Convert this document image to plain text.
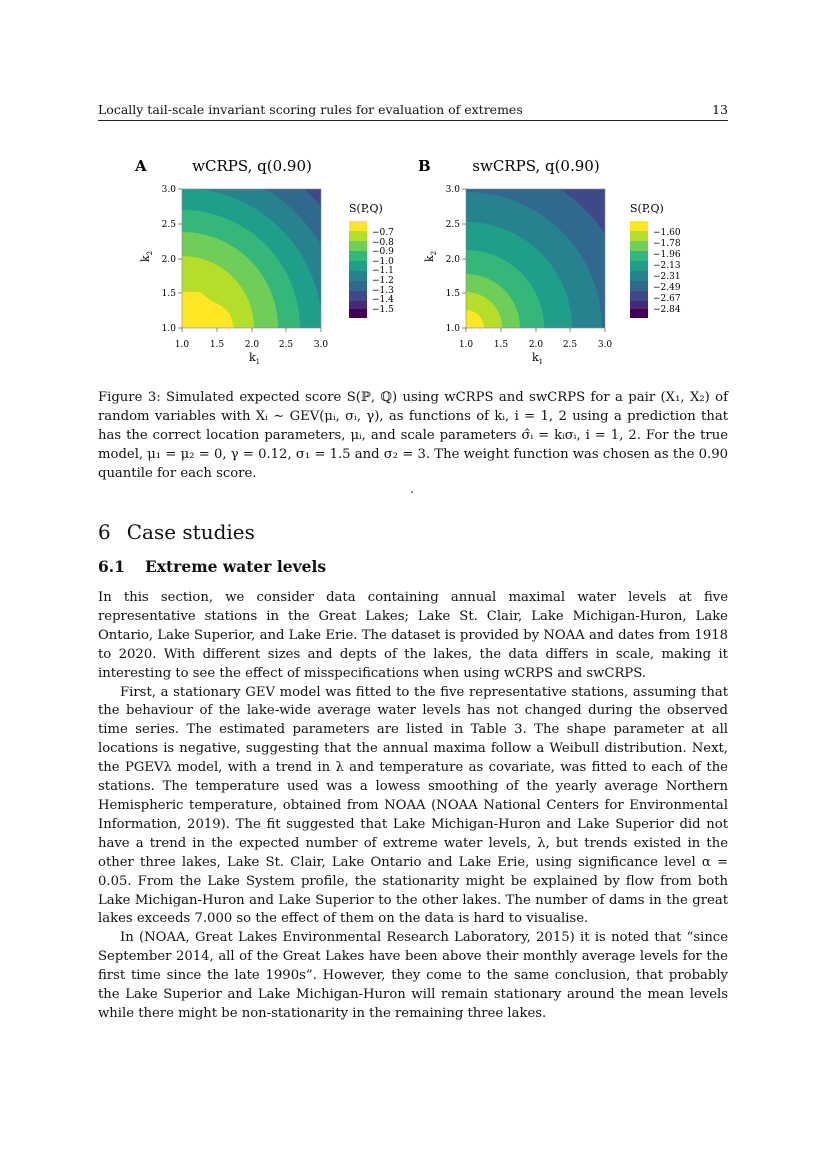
Locally tail-scale invariant scoring rules for evaluation of extremes	13
A	wCRPS, q(0.90)
1.0
1.5
2.0
2.5
3.0
1.0 1.5 2.0 2.5 3.0
$k_1$
$k_2$
S(P,Q)
−0.7
−0.8
−0.9
−1.0
−1.1
−1.2
−1.3
−1.4
−1.5
B	swCRPS, q(0.90)
1.0
1.5
2.0
2.5
3.0
1.0 1.5 2.0 2.5 3.0
$k_1$
$k_2$
S(P,Q)
−1.60
−1.78
−1.96
−2.13
−2.31
−2.49
−2.67
−2.84
Figure 3: Simulated expected score S(ℙ, ℚ) using wCRPS and swCRPS for a pair (X₁, X₂) of random variables with Xᵢ ∼ GEV(μᵢ, σᵢ, γ), as functions of kᵢ, i = 1, 2 using a prediction that has the correct location parameters, μᵢ, and scale parameters σ̂ᵢ = kᵢσᵢ, i = 1, 2. For the true model, μ₁ = μ₂ = 0, γ = 0.12, σ₁ = 1.5 and σ₂ = 3. The weight function was chosen as the 0.90 quantile for each score.
.
6 Case studies
6.1 Extreme water levels

In this section, we consider data containing annual maximal water levels at five representative stations in the Great Lakes; Lake St. Clair, Lake Michigan-Huron, Lake Ontario, Lake Superior, and Lake Erie. The dataset is provided by NOAA and dates from 1918 to 2020. With different sizes and depts of the lakes, the data differs in scale, making it interesting to see the effect of misspecifications when using wCRPS and swCRPS.

First, a stationary GEV model was fitted to the five representative stations, assuming that the behaviour of the lake-wide average water levels has not changed during the observed time series. The estimated parameters are listed in Table 3. The shape parameter at all locations is negative, suggesting that the annual maxima follow a Weibull distribution. Next, the PGEVλ model, with a trend in λ and temperature as covariate, was fitted to each of the stations. The temperature used was a lowess smoothing of the yearly average Northern Hemispheric temperature, obtained from NOAA (NOAA National Centers for Environmental Information, 2019). The fit suggested that Lake Michigan-Huron and Lake Superior did not have a trend in the expected number of extreme water levels, λ, but trends existed in the other three lakes, Lake St. Clair, Lake Ontario and Lake Erie, using significance level α = 0.05. From the Lake System profile, the stationarity might be explained by flow from both Lake Michigan-Huron and Lake Superior to the other lakes. The number of dams in the great lakes exceeds 7.000 so the effect of them on the data is hard to visualise.

In (NOAA, Great Lakes Environmental Research Laboratory, 2015) it is noted that “since September 2014, all of the Great Lakes have been above their monthly average levels for the first time since the late 1990s”. However, they come to the same conclusion, that probably the Lake Superior and Lake Michigan-Huron will remain stationary around the mean levels while there might be non-stationarity in the remaining three lakes.
